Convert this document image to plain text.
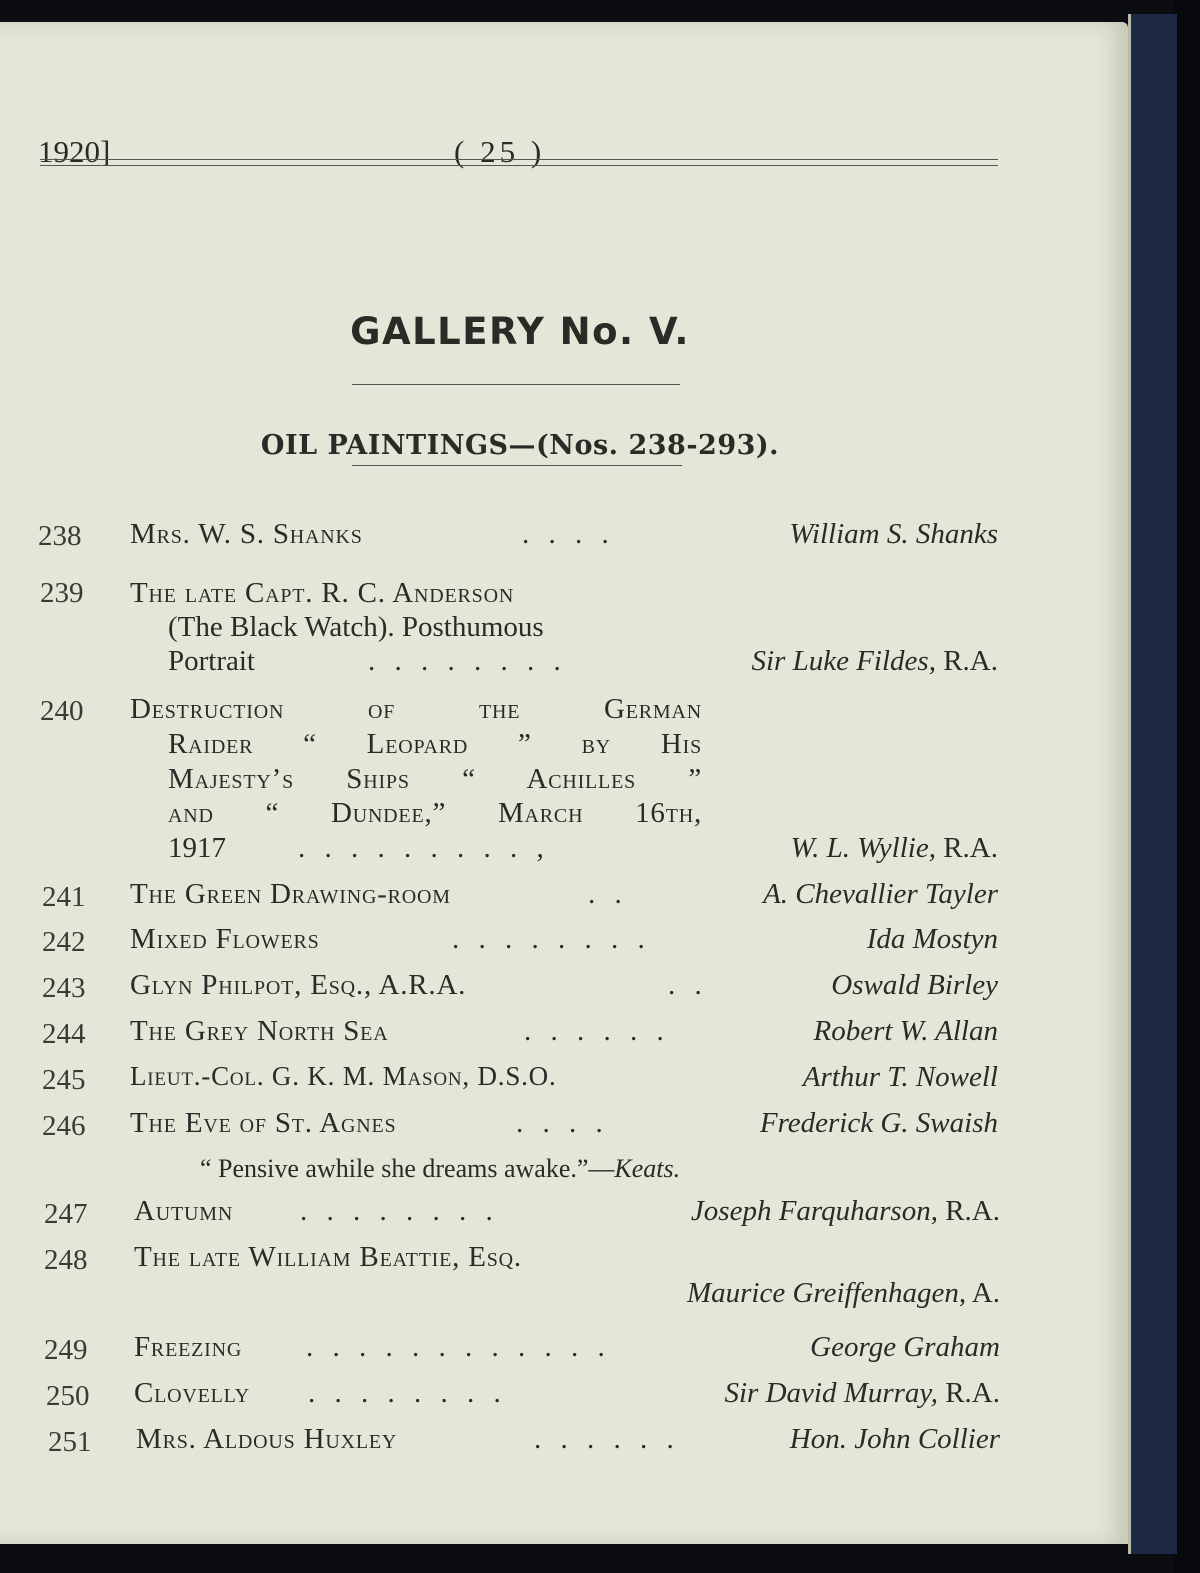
1920]	( 25 )
GALLERY No. V.
OIL PAINTINGS—(Nos. 238-293).
238 Mrs. W. S. Shanks	. . . .	William S. Shanks
239 The late Capt. R. C. Anderson
(The Black Watch). Posthumous
Portrait	. . . . . . . .	Sir Luke Fildes, R.A.
240 Destruction of the German
Raider “ Leopard ” by His
Majesty’s Ships “ Achilles ”
and “ Dundee,” March 16th,
1917 . . . . . . . . . ,	W. L. Wyllie, R.A.
241 The Green Drawing-room	. .	A. Chevallier Tayler
242 Mixed Flowers	. . . . . . . .	Ida Mostyn
243 Glyn Philpot, Esq., A.R.A.	. .	Oswald Birley
244 The Grey North Sea	. . . . . .	Robert W. Allan
245 Lieut.-Col. G. K. M. Mason, D.S.O.	Arthur T. Nowell
246 The Eve of St. Agnes	. . . .	Frederick G. Swaish
“ Pensive awhile she dreams awake.”—Keats.
247 Autumn . . . . . . . .	Joseph Farquharson, R.A.
248 The late William Beattie, Esq.
Maurice Greiffenhagen, A.
249 Freezing . . . . . . . . . . . .	George Graham
250 Clovelly . . . . . . . .	Sir David Murray, R.A.
251 Mrs. Aldous Huxley	. . . . . .	Hon. John Collier
